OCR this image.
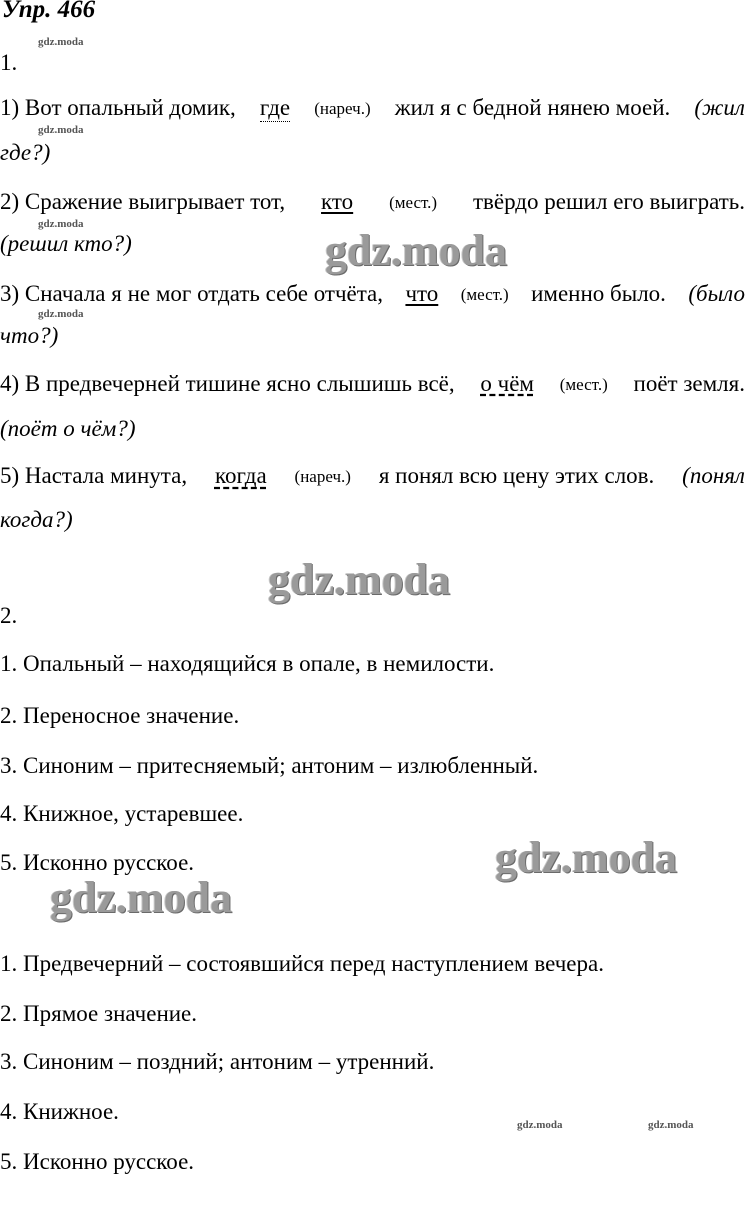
Упр. 466
gdz.moda
gdz.moda
gdz.moda
gdz.moda
gdz.moda	gdz.moda
gdz.moda
gdz.moda
gdz.moda
gdz.moda
1.
1) Вот опальный домик, где (нареч.) жил я с бедной нянею моей. (жил
где?)
2) Сражение выигрывает тот, кто (мест.) твёрдо решил его выиграть.
(решил кто?)
3) Сначала я не мог отдать себе отчёта, что (мест.) именно было. (было
что?)
4) В предвечерней тишине ясно слышишь всё, о чём (мест.) поёт земля.
(поёт о чём?)
5) Настала минута, когда (нареч.) я понял всю цену этих слов. (понял
когда?)
2.
1. Опальный – находящийся в опале, в немилости.
2. Переносное значение.
3. Синоним – притесняемый; антоним – излюбленный.
4. Книжное, устаревшее.
5. Исконно русское.
1. Предвечерний – состоявшийся перед наступлением вечера.
2. Прямое значение.
3. Синоним – поздний; антоним – утренний.
4. Книжное.
5. Исконно русское.
